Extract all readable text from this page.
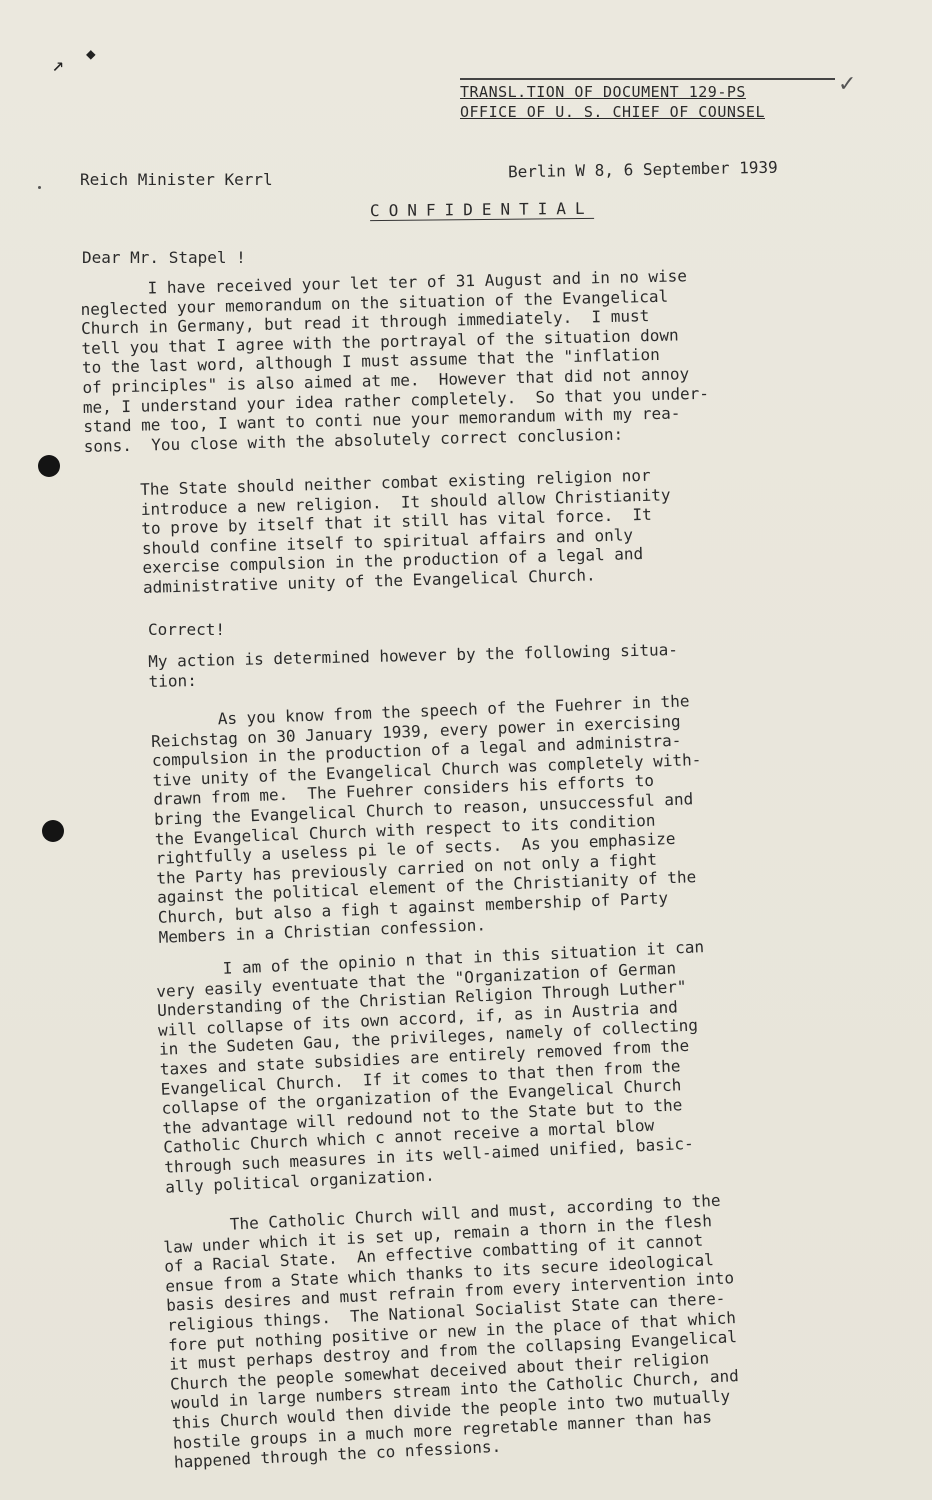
↗ ◆
TRANSL.TION OF DOCUMENT 129-PS
OFFICE OF U. S. CHIEF OF COUNSEL
✓
Reich Minister Kerrl	Berlin W 8, 6 September 1939
CONFIDENTIAL
Dear Mr. Stapel !

I have received your let ter of 31 August and in no wise
neglected your memorandum on the situation of the Evangelical
Church in Germany, but read it through immediately.  I must
tell you that I agree with the portrayal of the situation down
to the last word, although I must assume that the "inflation
of principles" is also aimed at me.  However that did not annoy
me, I understand your idea rather completely.  So that you under-
stand me too, I want to conti nue your memorandum with my rea-
sons.  You close with the absolutely correct conclusion:

The State should neither combat existing religion nor
introduce a new religion.  It should allow Christianity
to prove by itself that it still has vital force.  It
should confine itself to spiritual affairs and only
exercise compulsion in the production of a legal and
administrative unity of the Evangelical Church.

Correct!

My action is determined however by the following situa-
tion:

As you know from the speech of the Fuehrer in the
Reichstag on 30 January 1939, every power in exercising
compulsion in the production of a legal and administra-
tive unity of the Evangelical Church was completely with-
drawn from me.  The Fuehrer considers his efforts to
bring the Evangelical Church to reason, unsuccessful and
the Evangelical Church with respect to its condition
rightfully a useless pi le of sects.  As you emphasize
the Party has previously carried on not only a fight
against the political element of the Christianity of the
Church, but also a figh t against membership of Party
Members in a Christian confession.

I am of the opinio n that in this situation it can
very easily eventuate that the "Organization of German
Understanding of the Christian Religion Through Luther"
will collapse of its own accord, if, as in Austria and
in the Sudeten Gau, the privileges, namely of collecting
taxes and state subsidies are entirely removed from the
Evangelical Church.  If it comes to that then from the
collapse of the organization of the Evangelical Church
the advantage will redound not to the State but to the
Catholic Church which c annot receive a mortal blow
through such measures in its well-aimed unified, basic-
ally political organization.

The Catholic Church will and must, according to the
law under which it is set up, remain a thorn in the flesh
of a Racial State.  An effective combatting of it cannot
ensue from a State which thanks to its secure ideological
basis desires and must refrain from every intervention into
religious things.  The National Socialist State can there-
fore put nothing positive or new in the place of that which
it must perhaps destroy and from the collapsing Evangelical
Church the people somewhat deceived about their religion
would in large numbers stream into the Catholic Church, and
this Church would then divide the people into two mutually
hostile groups in a much more regretable manner than has
happened through the co nfessions.
